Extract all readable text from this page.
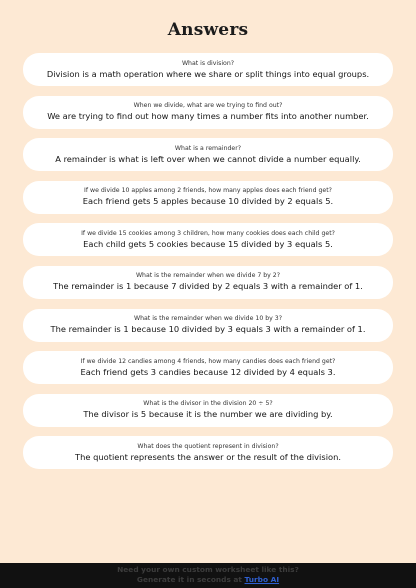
Answers
What is division?
Division is a math operation where we share or split things into equal groups.
When we divide, what are we trying to find out?
We are trying to find out how many times a number fits into another number.
What is a remainder?
A remainder is what is left over when we cannot divide a number equally.
If we divide 10 apples among 2 friends, how many apples does each friend get?
Each friend gets 5 apples because 10 divided by 2 equals 5.
If we divide 15 cookies among 3 children, how many cookies does each child get?
Each child gets 5 cookies because 15 divided by 3 equals 5.
What is the remainder when we divide 7 by 2?
The remainder is 1 because 7 divided by 2 equals 3 with a remainder of 1.
What is the remainder when we divide 10 by 3?
The remainder is 1 because 10 divided by 3 equals 3 with a remainder of 1.
If we divide 12 candies among 4 friends, how many candies does each friend get?
Each friend gets 3 candies because 12 divided by 4 equals 3.
What is the divisor in the division 20 ÷ 5?
The divisor is 5 because it is the number we are dividing by.
What does the quotient represent in division?
The quotient represents the answer or the result of the division.
Need your own custom worksheet like this?
Generate it in seconds at Turbo AI
